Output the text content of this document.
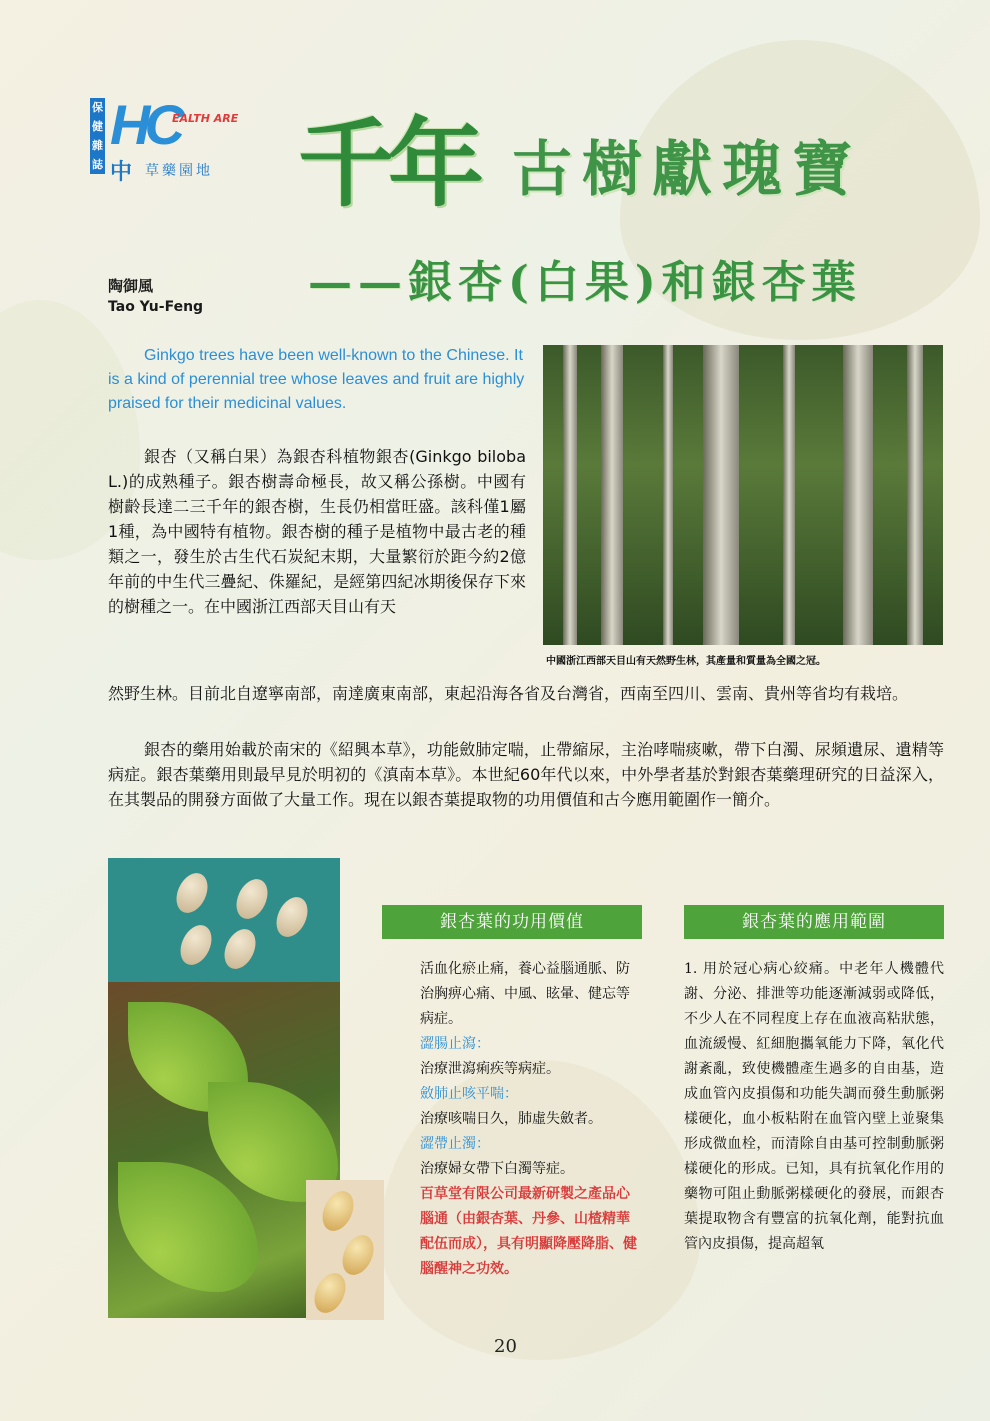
保
健
雜
誌
HC
EALTH ARE
中 草藥園地 千年 古樹獻瑰寶
——銀杏(白果)和銀杏葉
陶御風
Tao Yu-Feng
Ginkgo trees have been well-known to the Chinese. It is a kind of perennial tree whose leaves and fruit are highly praised for their medicinal values.
銀杏（又稱白果）為銀杏科植物銀杏(Ginkgo biloba L.)的成熟種子。銀杏樹壽命極長，故又稱公孫樹。中國有樹齡長達二三千年的銀杏樹，生長仍相當旺盛。該科僅1屬1種，為中國特有植物。銀杏樹的種子是植物中最古老的種類之一，發生於古生代石炭紀末期，大量繁衍於距今約2億年前的中生代三疊紀、侏羅紀，是經第四紀冰期後保存下來的樹種之一。在中國浙江西部天目山有天
然野生林。目前北自遼寧南部，南達廣東南部，東起沿海各省及台灣省，西南至四川、雲南、貴州等省均有栽培。
銀杏的藥用始載於南宋的《紹興本草》，功能斂肺定喘，止帶縮尿，主治哮喘痰嗽，帶下白濁、尿頻遺尿、遺精等病症。銀杏葉藥用則最早見於明初的《滇南本草》。本世紀60年代以來，中外學者基於對銀杏葉藥理研究的日益深入，在其製品的開發方面做了大量工作。現在以銀杏葉提取物的功用價值和古今應用範圍作一簡介。
中國浙江西部天目山有天然野生林，其產量和質量為全國之冠。
銀杏葉的功用價值
活血化瘀止痛，養心益腦通脈、防治胸痹心痛、中風、眩暈、健忘等病症。
澀腸止瀉：
治療泄瀉痢疾等病症。
斂肺止咳平喘：
治療咳喘日久，肺虛失斂者。
澀帶止濁：
治療婦女帶下白濁等症。
百草堂有限公司最新研製之產品心腦通（由銀杏葉、丹參、山楂精華配伍而成），具有明顯降壓降脂、健腦醒神之功效。
銀杏葉的應用範圍
1. 用於冠心病心絞痛。中老年人機體代謝、分泌、排泄等功能逐漸減弱或降低，不少人在不同程度上存在血液高粘狀態，血流緩慢、紅細胞攜氧能力下降，氧化代謝紊亂，致使機體產生過多的自由基，造成血管內皮損傷和功能失調而發生動脈粥樣硬化，血小板粘附在血管內壁上並聚集形成微血栓，而清除自由基可控制動脈粥樣硬化的形成。已知，具有抗氧化作用的藥物可阻止動脈粥樣硬化的發展，而銀杏葉提取物含有豐富的抗氧化劑，能對抗血管內皮損傷，提高超氧
20
